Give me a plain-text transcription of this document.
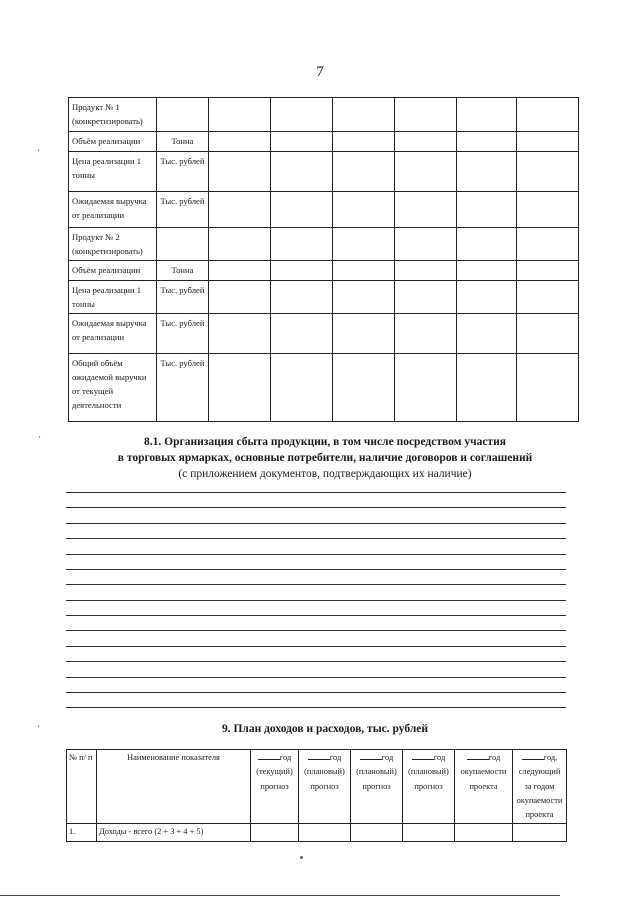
7
'
·
'
Продукт № 1 (конкретизировать)							
Объём реализации	Тонна						
Цена реализации 1 тонны	Тыс. рублей						
Ожидаемая выручка от реализации	Тыс. рублей						
Продукт № 2 (конкретизировать)							
Объём реализации	Тонна						
Цена реализации 1 тонны	Тыс. рублей						
Ожидаемая выручка от реализации	Тыс. рублей						
Общий объём ожидаемой выручки от текущей деятельности	Тыс. рублей						
8.1. Организация сбыта продукции, в том числе посредством участия
в торговых ярмарках, основные потребители, наличие договоров и соглашений
(с приложением документов, подтверждающих их наличие)
9. План доходов и расходов, тыс. рублей
№ п/ п	Наименование показателя	год (текущий) прогноз	год (плановый) прогноз	год (плановый) прогноз	год (плановый) прогноз	год окупаемости проекта	год, следующий за годом окупаемости проекта
1.	Доходы - всего (2 + 3 + 4 + 5)						
